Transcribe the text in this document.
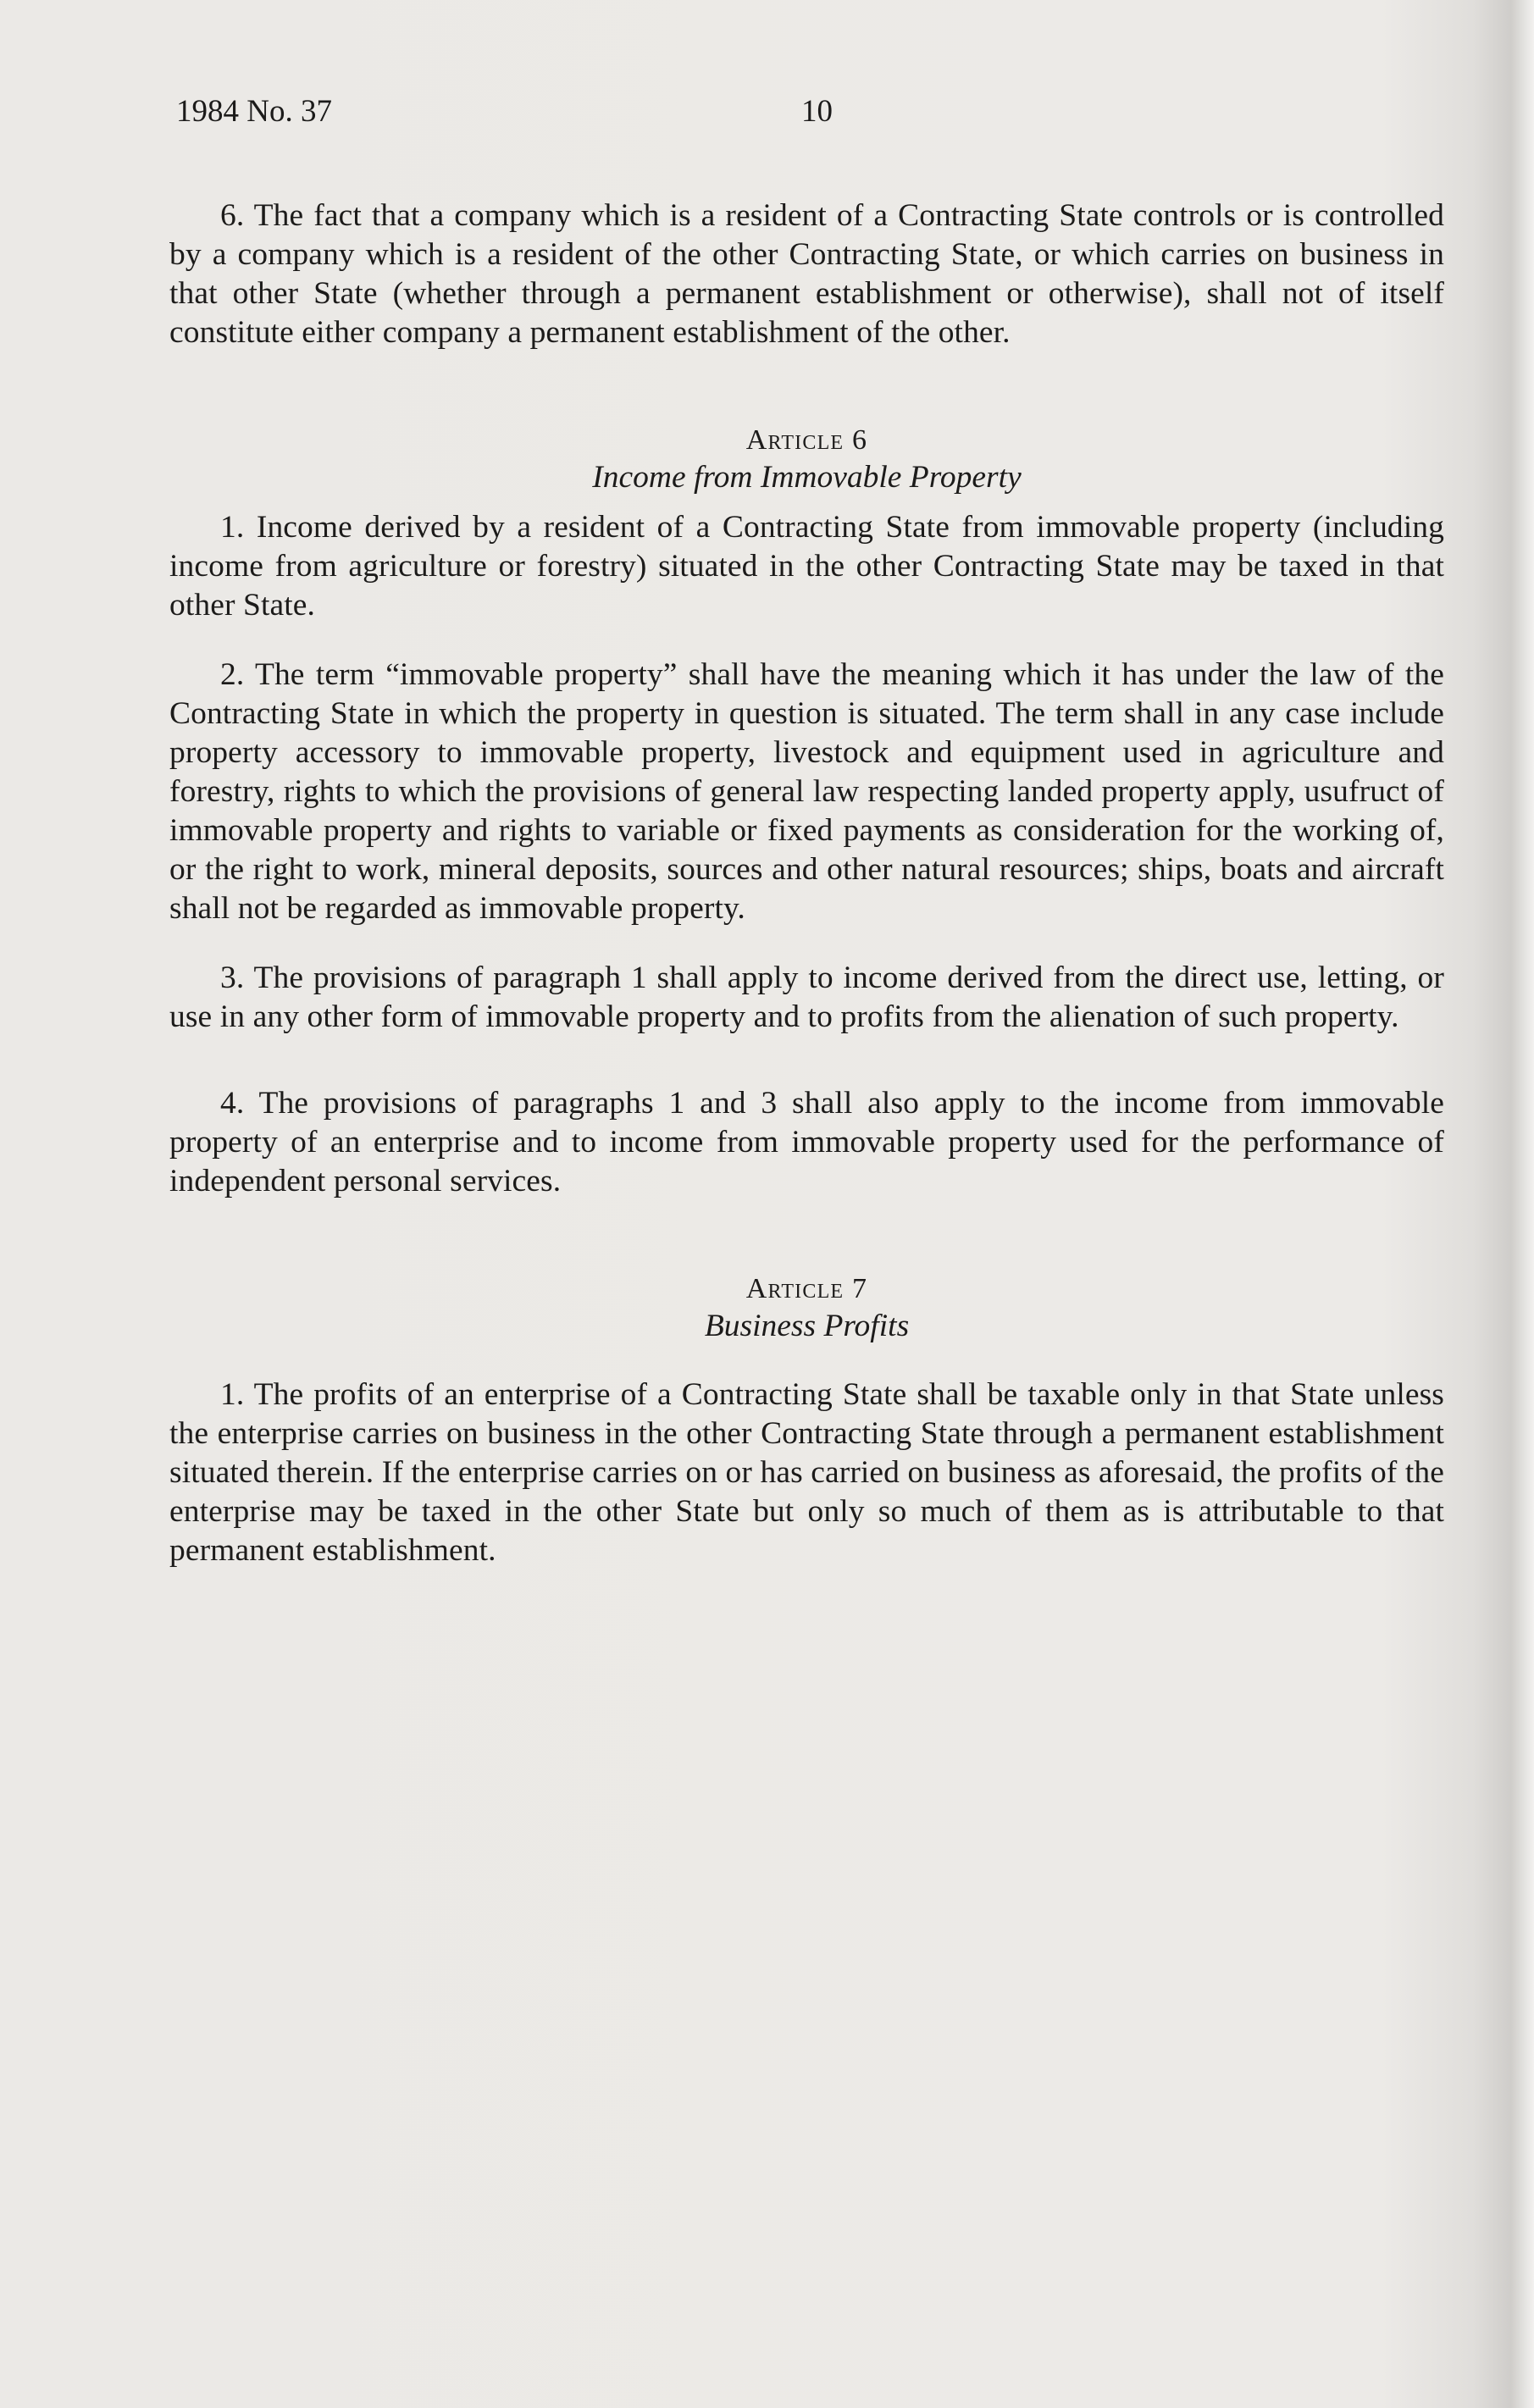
1984 No. 37	10

6. The fact that a company which is a resident of a Contracting State controls or is controlled by a company which is a resident of the other Contracting State, or which carries on business in that other State (whether through a permanent establishment or otherwise), shall not of itself constitute either company a permanent establishment of the other.

Article 6

Income from Immovable Property

1. Income derived by a resident of a Contracting State from immovable property (including income from agriculture or forestry) situated in the other Contracting State may be taxed in that other State.

2. The term “immovable property” shall have the meaning which it has under the law of the Contracting State in which the property in question is situated. The term shall in any case include property accessory to immovable property, livestock and equipment used in agriculture and forestry, rights to which the provisions of general law respecting landed property apply, usufruct of immovable property and rights to variable or fixed payments as consideration for the working of, or the right to work, mineral deposits, sources and other natural resources; ships, boats and aircraft shall not be regarded as immovable property.

3. The provisions of paragraph 1 shall apply to income derived from the direct use, letting, or use in any other form of immovable property and to profits from the alienation of such property.

4. The provisions of paragraphs 1 and 3 shall also apply to the income from immovable property of an enterprise and to income from immovable property used for the performance of independent personal services.

Article 7

Business Profits

1. The profits of an enterprise of a Contracting State shall be taxable only in that State unless the enterprise carries on business in the other Contracting State through a permanent establishment situated therein. If the enterprise carries on or has carried on business as aforesaid, the profits of the enterprise may be taxed in the other State but only so much of them as is attributable to that permanent establishment.
